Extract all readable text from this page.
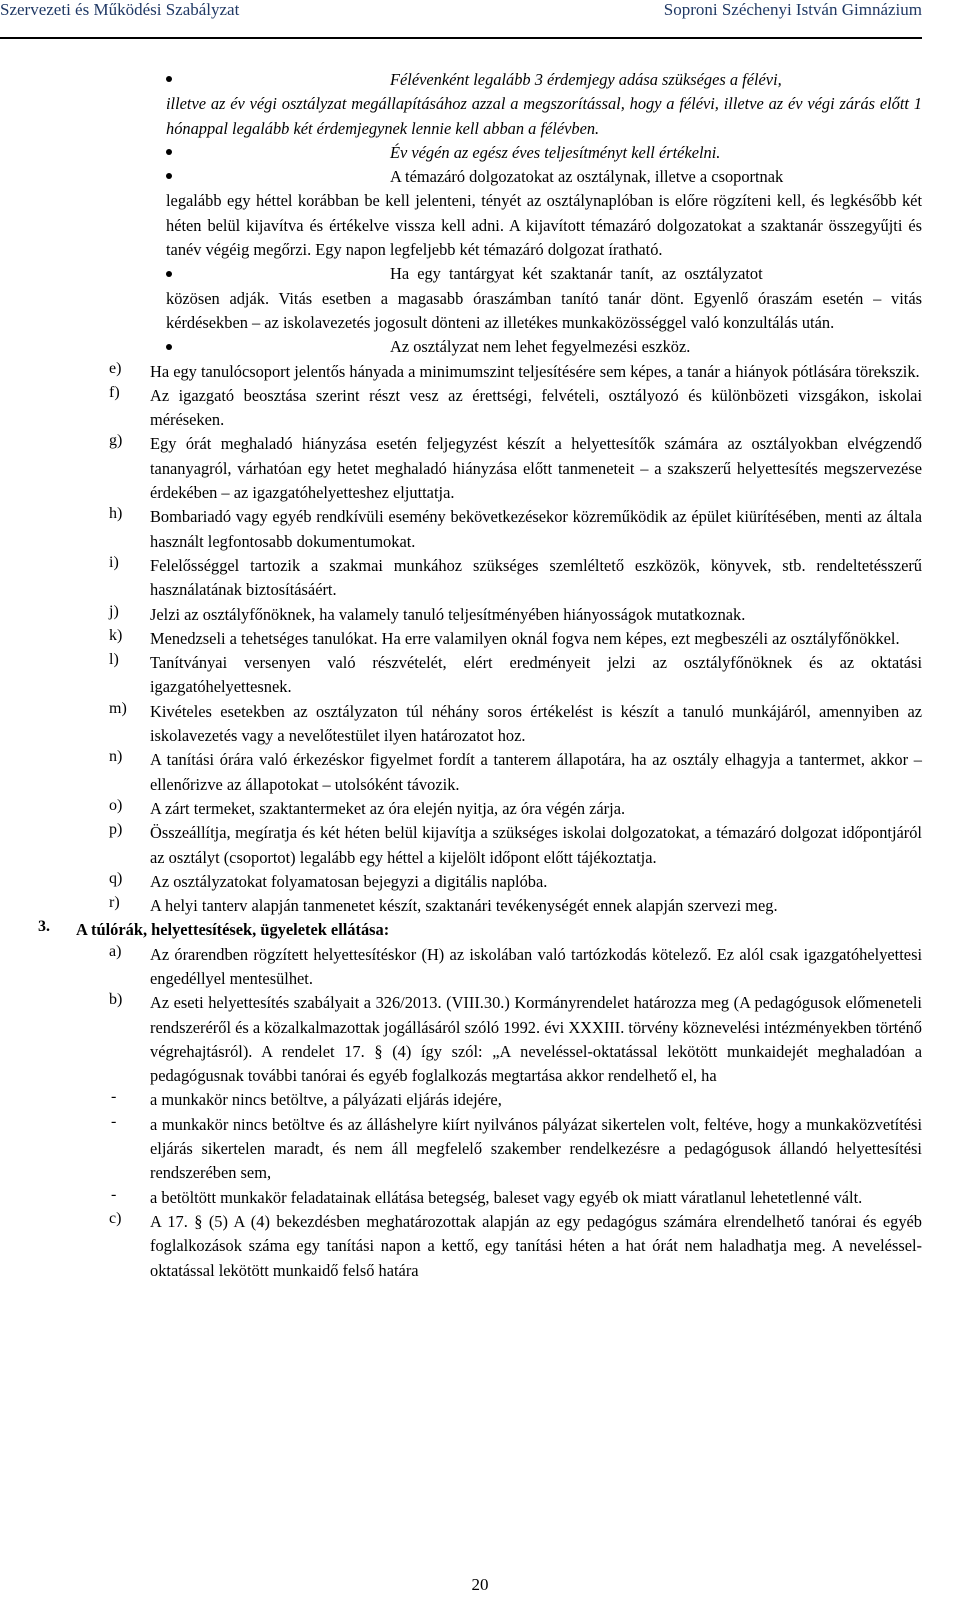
Szervezeti és Működési Szabályzat	Soproni Széchenyi István Gimnázium

Félévenként legalább 3 érdemjegy adása szükséges a félévi,

illetve az év végi osztályzat megállapításához azzal a megszorítással, hogy a félévi, illetve az év végi zárás előtt 1 hónappal legalább két érdemjegynek lennie kell abban a félévben.

Év végén az egész éves teljesítményt kell értékelni.

A témazáró dolgozatokat az osztálynak, illetve a csoportnak

legalább egy héttel korábban be kell jelenteni, tényét az osztálynaplóban is előre rögzíteni kell, és legkésőbb két héten belül kijavítva és értékelve vissza kell adni. A kijavított témazáró dolgozatokat a szaktanár összegyűjti és tanév végéig megőrzi. Egy napon legfeljebb két témazáró dolgozat íratható.

Ha egy tantárgyat két szaktanár tanít, az osztályzatot

közösen adják. Vitás esetben a magasabb óraszámban tanító tanár dönt. Egyenlő óraszám esetén – vitás kérdésekben – az iskolavezetés jogosult dönteni az illetékes munkaközösséggel való konzultálás után.

Az osztályzat nem lehet fegyelmezési eszköz.

e) Ha egy tanulócsoport jelentős hányada a minimumszint teljesítésére sem képes, a tanár a hiányok pótlására törekszik.

f) Az igazgató beosztása szerint részt vesz az érettségi, felvételi, osztályozó és különbözeti vizsgákon, iskolai méréseken.

g) Egy órát meghaladó hiányzása esetén feljegyzést készít a helyettesítők számára az osztályokban elvégzendő tananyagról, várhatóan egy hetet meghaladó hiányzása előtt tanmeneteit – a szakszerű helyettesítés megszervezése érdekében – az igazgatóhelyetteshez eljuttatja.

h) Bombariadó vagy egyéb rendkívüli esemény bekövetkezésekor közreműködik az épület kiürítésében, menti az általa használt legfontosabb dokumentumokat.

i) Felelősséggel tartozik a szakmai munkához szükséges szemléltető eszközök, könyvek, stb. rendeltetésszerű használatának biztosításáért.

j) Jelzi az osztályfőnöknek, ha valamely tanuló teljesítményében hiányosságok mutatkoznak.

k) Menedzseli a tehetséges tanulókat. Ha erre valamilyen oknál fogva nem képes, ezt megbeszéli az osztályfőnökkel.

l) Tanítványai versenyen való részvételét, elért eredményeit jelzi az osztályfőnöknek és az oktatási igazgatóhelyettesnek.

m) Kivételes esetekben az osztályzaton túl néhány soros értékelést is készít a tanuló munkájáról, amennyiben az iskolavezetés vagy a nevelőtestület ilyen határozatot hoz.

n) A tanítási órára való érkezéskor figyelmet fordít a tanterem állapotára, ha az osztály elhagyja a tantermet, akkor – ellenőrizve az állapotokat – utolsóként távozik.

o) A zárt termeket, szaktantermeket az óra elején nyitja, az óra végén zárja.

p) Összeállítja, megíratja és két héten belül kijavítja a szükséges iskolai dolgozatokat, a témazáró dolgozat időpontjáról az osztályt (csoportot) legalább egy héttel a kijelölt időpont előtt tájékoztatja.

q) Az osztályzatokat folyamatosan bejegyzi a digitális naplóba.

r) A helyi tanterv alapján tanmenetet készít, szaktanári tevékenységét ennek alapján szervezi meg.

3. A túlórák, helyettesítések, ügyeletek ellátása:

a) Az órarendben rögzített helyettesítéskor (H) az iskolában való tartózkodás kötelező. Ez alól csak igazgatóhelyettesi engedéllyel mentesülhet.

b) Az eseti helyettesítés szabályait a 326/2013. (VIII.30.) Kormányrendelet határozza meg (A pedagógusok előmeneteli rendszeréről és a közalkalmazottak jogállásáról szóló 1992. évi XXXIII. törvény köznevelési intézményekben történő végrehajtásról). A rendelet 17. § (4) így szól: „A neveléssel-oktatással lekötött munkaidejét meghaladóan a pedagógusnak további tanórai és egyéb foglalkozás megtartása akkor rendelhető el, ha

- a munkakör nincs betöltve, a pályázati eljárás idejére,

- a munkakör nincs betöltve és az álláshelyre kiírt nyilvános pályázat sikertelen volt, feltéve, hogy a munkaközvetítési eljárás sikertelen maradt, és nem áll megfelelő szakember rendelkezésre a pedagógusok állandó helyettesítési rendszerében sem,

- a betöltött munkakör feladatainak ellátása betegség, baleset vagy egyéb ok miatt váratlanul lehetetlenné vált.

c) A 17. § (5) A (4) bekezdésben meghatározottak alapján az egy pedagógus számára elrendelhető tanórai és egyéb foglalkozások száma egy tanítási napon a kettő, egy tanítási héten a hat órát nem haladhatja meg. A neveléssel-oktatással lekötött munkaidő felső határa

20
